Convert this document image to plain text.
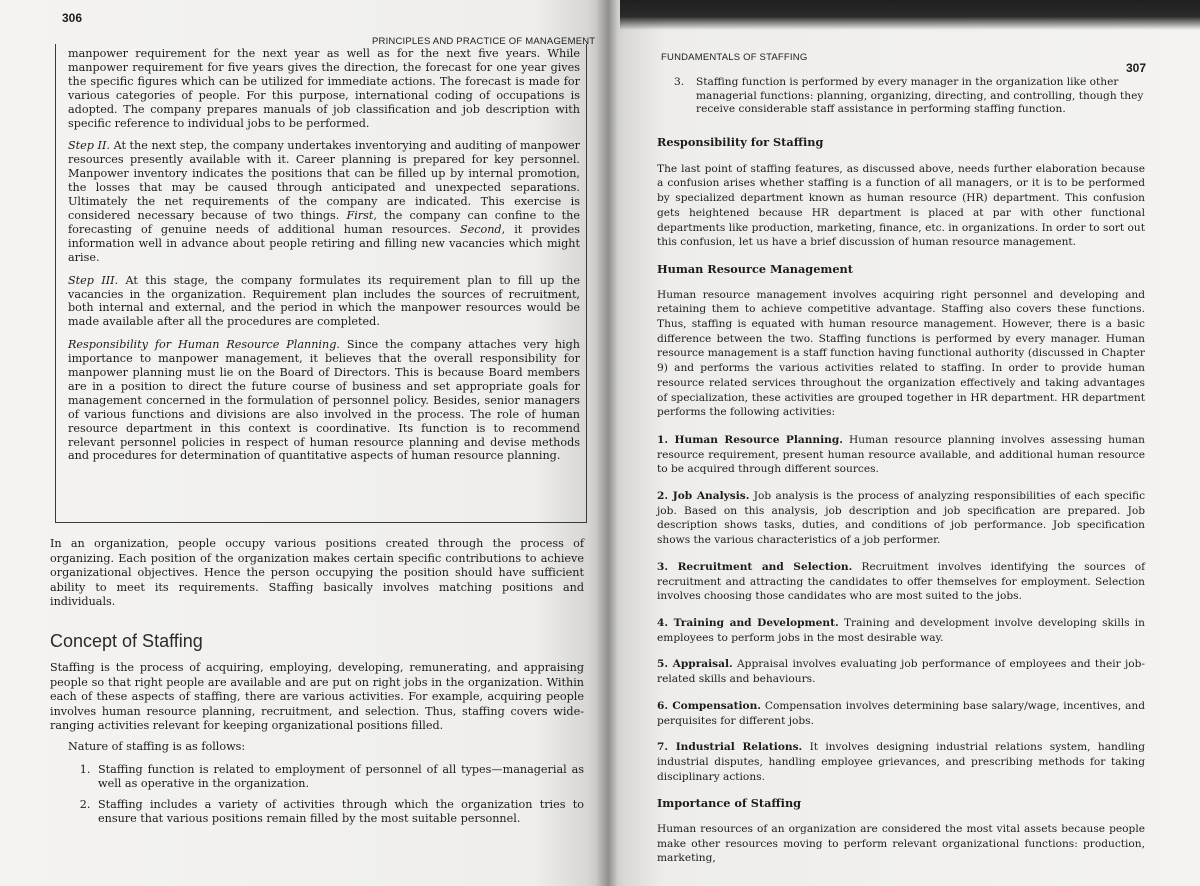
306
PRINCIPLES AND PRACTICE OF MANAGEMENT

manpower requirement for the next year as well as for the next five years. While manpower requirement for five years gives the direction, the forecast for one year gives the specific figures which can be utilized for immediate actions. The forecast is made for various categories of people. For this purpose, international coding of occupations is adopted. The company prepares manuals of job classification and job description with specific reference to individual jobs to be performed.

Step II. At the next step, the company undertakes inventorying and auditing of manpower resources presently available with it. Career planning is prepared for key personnel. Manpower inventory indicates the positions that can be filled up by internal promotion, the losses that may be caused through anticipated and unexpected separations. Ultimately the net requirements of the company are indicated. This exercise is considered necessary because of two things. First, the company can confine to the forecasting of genuine needs of additional human resources. Second, it provides information well in advance about people retiring and filling new vacancies which might arise.

Step III. At this stage, the company formulates its requirement plan to fill up the vacancies in the organization. Requirement plan includes the sources of recruitment, both internal and external, and the period in which the manpower resources would be made available after all the procedures are completed.

Responsibility for Human Resource Planning. Since the company attaches very high importance to manpower management, it believes that the overall responsibility for manpower planning must lie on the Board of Directors. This is because Board members are in a position to direct the future course of business and set appropriate goals for management concerned in the formulation of personnel policy. Besides, senior managers of various functions and divisions are also involved in the process. The role of human resource department in this context is coordinative. Its function is to recommend relevant personnel policies in respect of human resource planning and devise methods and procedures for determination of quantitative aspects of human resource planning.

In an organization, people occupy various positions created through the process of organizing. Each position of the organization makes certain specific contributions to achieve organizational objectives. Hence the person occupying the position should have sufficient ability to meet its requirements. Staffing basically involves matching positions and individuals.

Concept of Staffing

Staffing is the process of acquiring, employing, developing, remunerating, and appraising people so that right people are available and are put on right jobs in the organization. Within each of these aspects of staffing, there are various activities. For example, acquiring people involves human resource planning, recruitment, and selection. Thus, staffing covers wide-ranging activities relevant for keeping organizational positions filled.

Nature of staffing is as follows:

1. Staffing function is related to employment of personnel of all types—managerial as well as operative in the organization.
2. Staffing includes a variety of activities through which the organization tries to ensure that various positions remain filled by the most suitable personnel.
FUNDAMENTALS OF STAFFING
307
3.	Staffing function is performed by every manager in the organization like other managerial functions: planning, organizing, directing, and controlling, though they receive considerable staff assistance in performing staffing function.

Responsibility for Staffing

The last point of staffing features, as discussed above, needs further elaboration because a confusion arises whether staffing is a function of all managers, or it is to be performed by specialized department known as human resource (HR) department. This confusion gets heightened because HR department is placed at par with other functional departments like production, marketing, finance, etc. in organizations. In order to sort out this confusion, let us have a brief discussion of human resource management.

Human Resource Management

Human resource management involves acquiring right personnel and developing and retaining them to achieve competitive advantage. Staffing also covers these functions. Thus, staffing is equated with human resource management. However, there is a basic difference between the two. Staffing functions is performed by every manager. Human resource management is a staff function having functional authority (discussed in Chapter 9) and performs the various activities related to staffing. In order to provide human resource related services throughout the organization effectively and taking advantages of specialization, these activities are grouped together in HR department. HR department performs the following activities:

1. Human Resource Planning. Human resource planning involves assessing human resource requirement, present human resource available, and additional human resource to be acquired through different sources.

2. Job Analysis. Job analysis is the process of analyzing responsibilities of each specific job. Based on this analysis, job description and job specification are prepared. Job description shows tasks, duties, and conditions of job performance. Job specification shows the various characteristics of a job performer.

3. Recruitment and Selection. Recruitment involves identifying the sources of recruitment and attracting the candidates to offer themselves for employment. Selection involves choosing those candidates who are most suited to the jobs.

4. Training and Development. Training and development involve developing skills in employees to perform jobs in the most desirable way.

5. Appraisal. Appraisal involves evaluating job performance of employees and their job-related skills and behaviours.

6. Compensation. Compensation involves determining base salary/wage, incentives, and perquisites for different jobs.

7. Industrial Relations. It involves designing industrial relations system, handling industrial disputes, handling employee grievances, and prescribing methods for taking disciplinary actions.

Importance of Staffing

Human resources of an organization are considered the most vital assets because people make other resources moving to perform relevant organizational functions: production, marketing,
